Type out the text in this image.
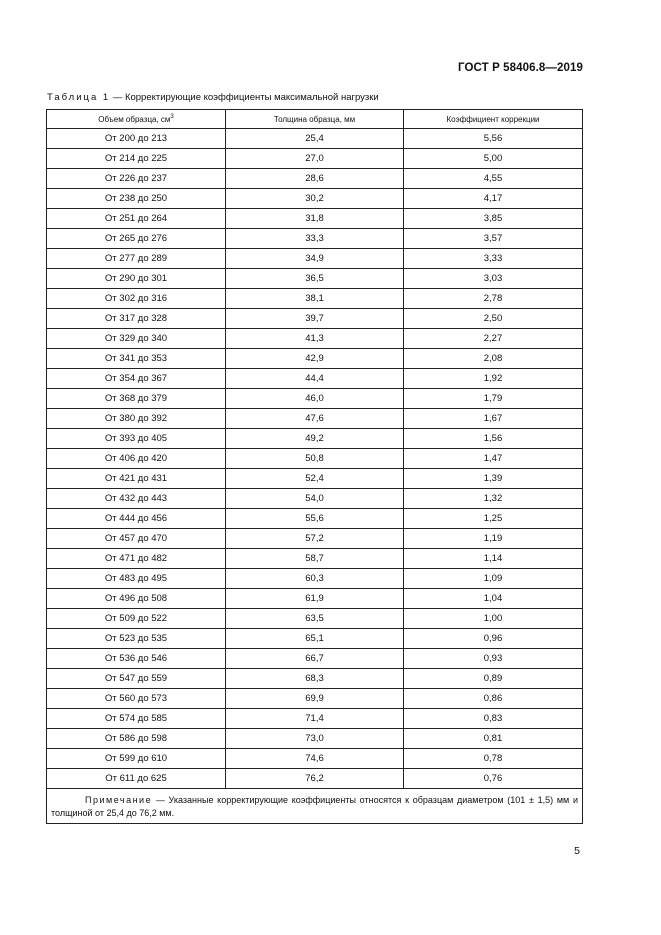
ГОСТ Р 58406.8—2019
Таблица 1 — Корректирующие коэффициенты максимальной нагрузки
Объем образца, $см^3$	Толщина образца, мм	Коэффициент коррекции
От 200 до 213	25,4	5,56
От 214 до 225	27,0	5,00
От 226 до 237	28,6	4,55
От 238 до 250	30,2	4,17
От 251 до 264	31,8	3,85
От 265 до 276	33,3	3,57
От 277 до 289	34,9	3,33
От 290 до 301	36,5	3,03
От 302 до 316	38,1	2,78
От 317 до 328	39,7	2,50
От 329 до 340	41,3	2,27
От 341 до 353	42,9	2,08
От 354 до 367	44,4	1,92
От 368 до 379	46,0	1,79
От 380 до 392	47,6	1,67
От 393 до 405	49,2	1,56
От 406 до 420	50,8	1,47
От 421 до 431	52,4	1,39
От 432 до 443	54,0	1,32
От 444 до 456	55,6	1,25
От 457 до 470	57,2	1,19
От 471 до 482	58,7	1,14
От 483 до 495	60,3	1,09
От 496 до 508	61,9	1,04
От 509 до 522	63,5	1,00
От 523 до 535	65,1	0,96
От 536 до 546	66,7	0,93
От 547 до 559	68,3	0,89
От 560 до 573	69,9	0,86
От 574 до 585	71,4	0,83
От 586 до 598	73,0	0,81
От 599 до 610	74,6	0,78
От 611 до 625	76,2	0,76
Примечание — Указанные корректирующие коэффициенты относятся к образцам диаметром (101 ± 1,5) мм и толщиной от 25,4 до 76,2 мм.		
5
